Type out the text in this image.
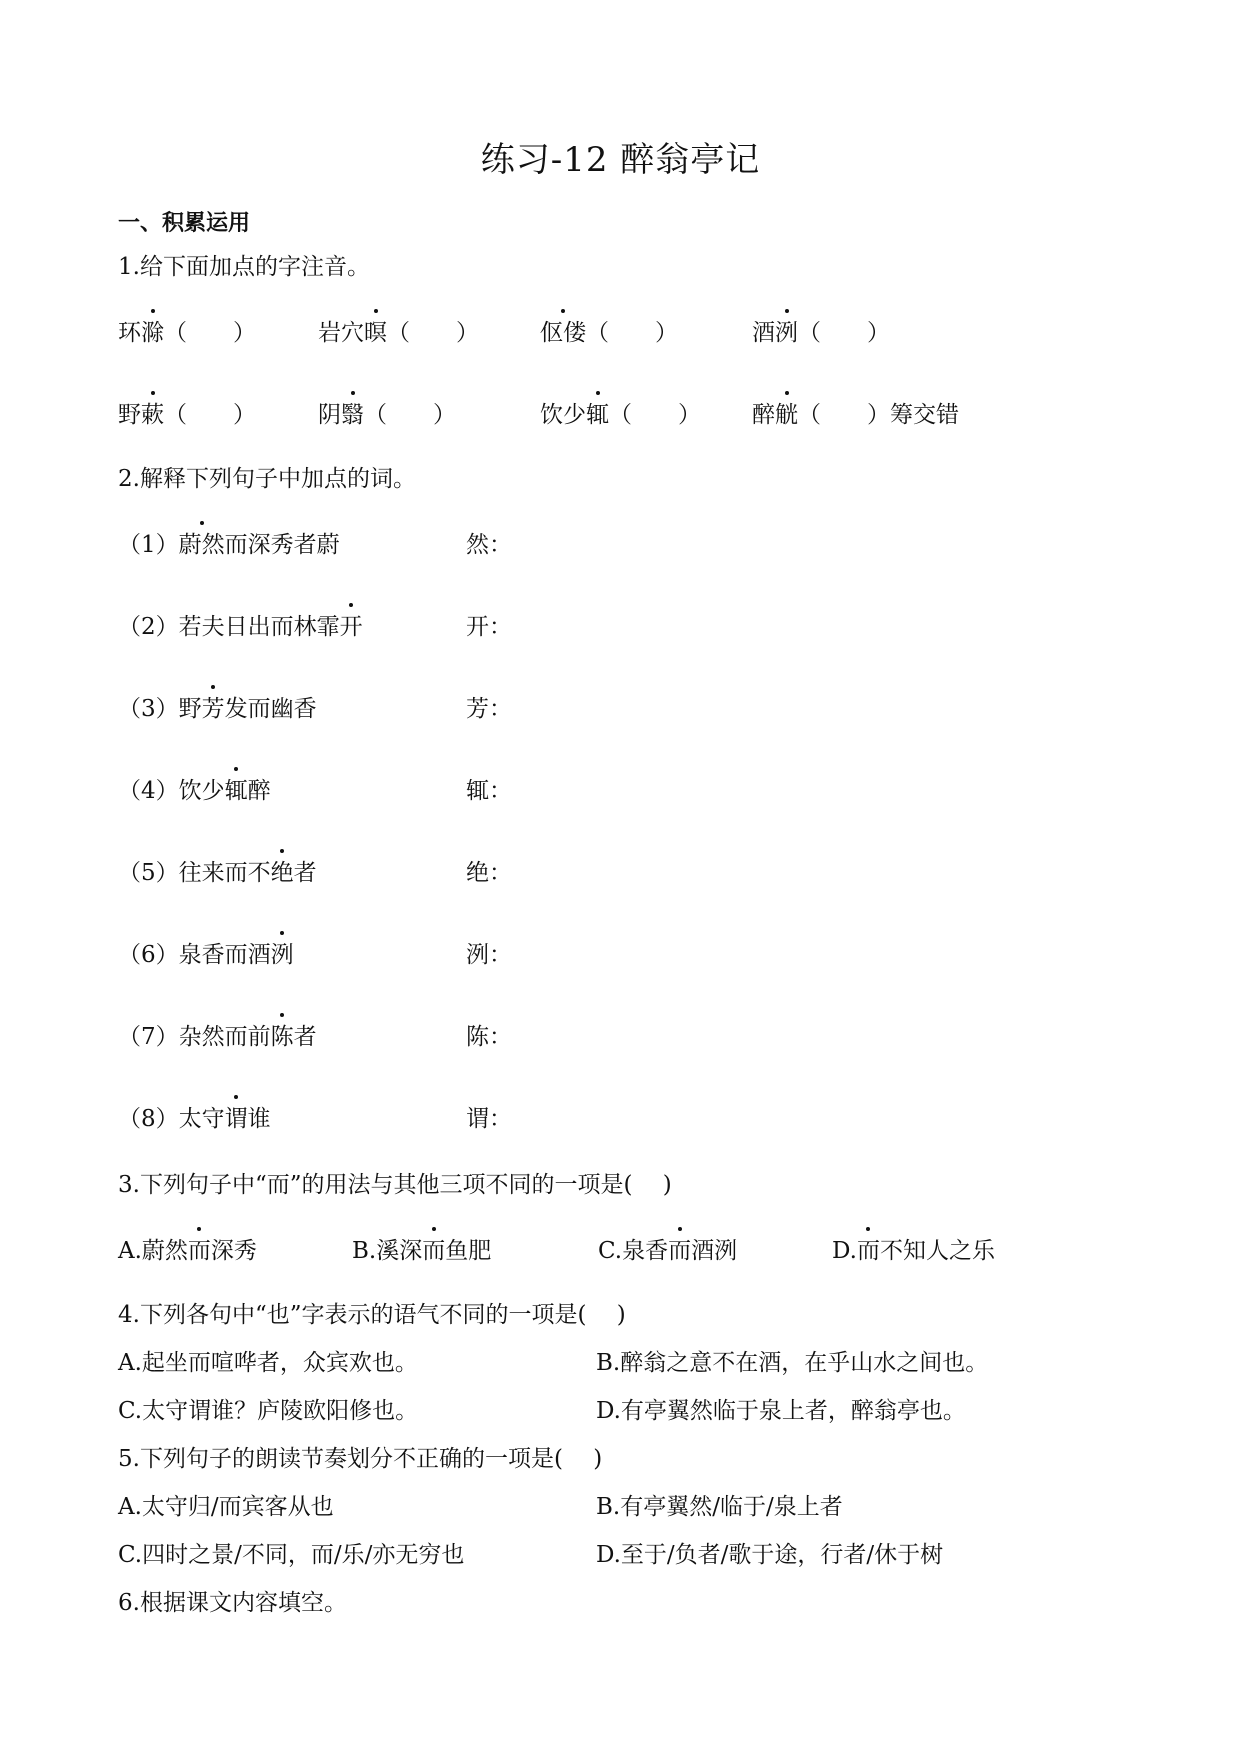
练习-12 醉翁亭记
一、积累运用
1.给下面加点的字注音。
环滁（　　）	岩穴暝（　　）	伛偻（　　）	酒洌（　　）
野蔌（　　）	阴翳（　　）	饮少辄（　　） 醉觥（　　）筹交错
2.解释下列句子中加点的词。
（1）蔚然而深秀者蔚	然：
（2）若夫日出而林霏开	开：
（3）野芳发而幽香	芳：
（4）饮少辄醉	辄：
（5）往来而不绝者	绝：
（6）泉香而酒洌	洌：
（7）杂然而前陈者	陈：
（8）太守谓谁	谓：
3.下列句子中“而”的用法与其他三项不同的一项是(　 )
A.蔚然而深秀	B.溪深而鱼肥	C.泉香而酒洌	D.而不知人之乐
4.下列各句中“也”字表示的语气不同的一项是(　 )
A.起坐而喧哗者，众宾欢也。	B.醉翁之意不在酒，在乎山水之间也。
C.太守谓谁？庐陵欧阳修也。	D.有亭翼然临于泉上者，醉翁亭也。
5.下列句子的朗读节奏划分不正确的一项是(　 )
A.太守归/而宾客从也	B.有亭翼然/临于/泉上者
C.四时之景/不同，而/乐/亦无穷也	D.至于/负者/歌于途，行者/休于树
6.根据课文内容填空。
